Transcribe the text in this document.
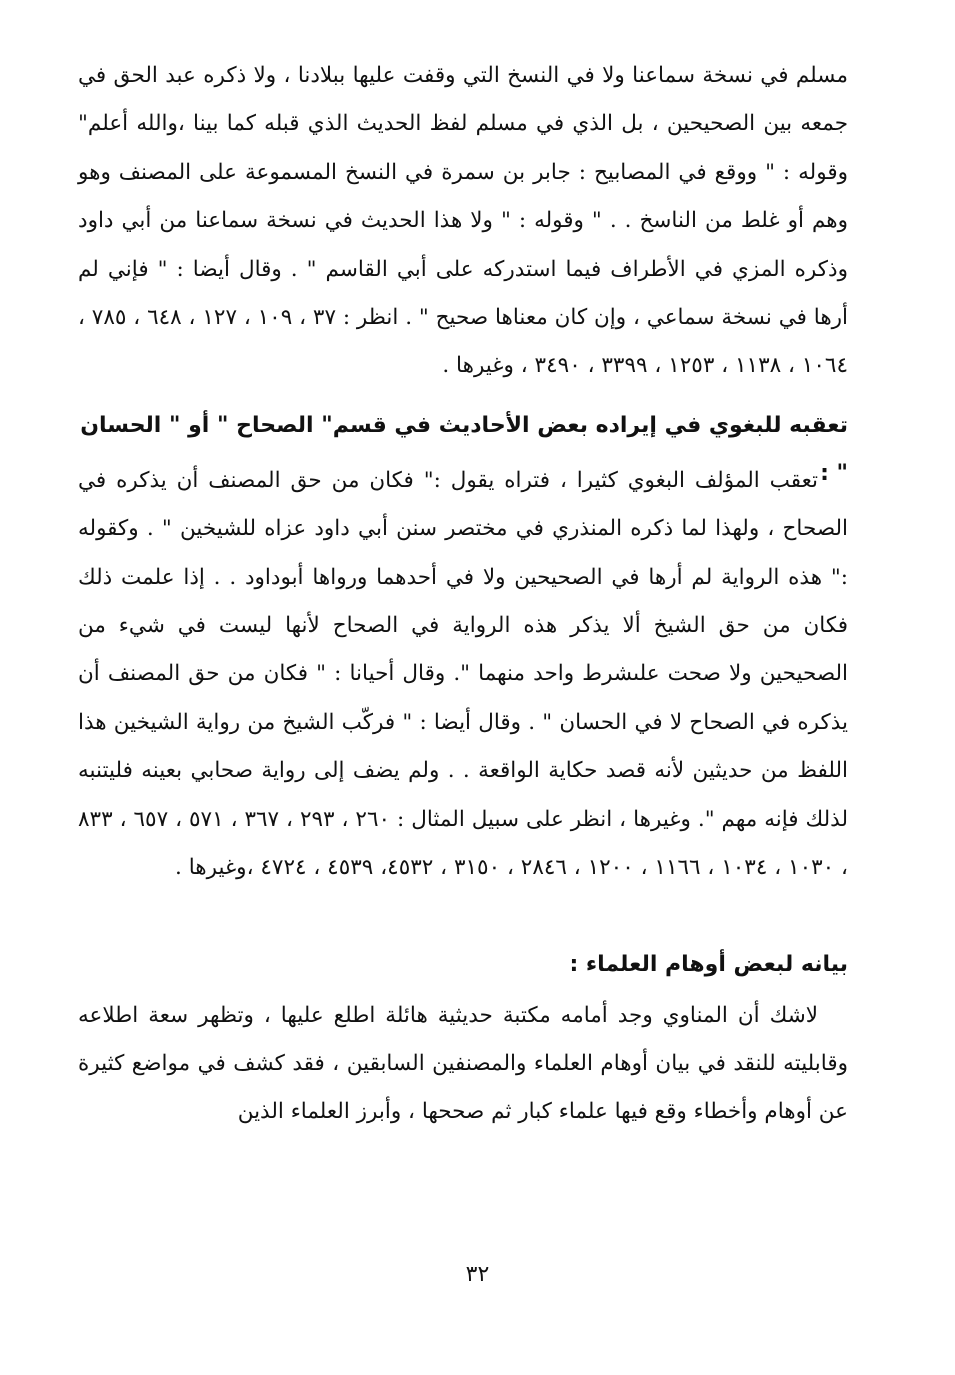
مسلم في نسخة سماعنا ولا في النسخ التي وقفت عليها ببلادنا ، ولا ذكره عبد الحق في جمعه بين الصحيحين ، بل الذي في مسلم لفظ الحديث الذي قبله كما بينا ،والله أعلم" وقوله : " ووقع في المصابيح : جابر بن سمرة في النسخ المسموعة على المصنف وهو وهم أو غلط من الناسخ . . " وقوله : " ولا هذا الحديث في نسخة سماعنا من أبي داود وذكره المزي في الأطراف فيما استدركه على أبي القاسم " . وقال أيضا : " فإني لم أرها في نسخة سماعي ، وإن كان معناها صحيح " . انظر : ٣٧ ، ١٠٩ ، ١٢٧ ، ٦٤٨ ، ٧٨٥ ، ١٠٦٤ ، ١١٣٨ ، ١٢٥٣ ، ٣٣٩٩ ، ٣٤٩٠ ، وغيرها .

تعقبه للبغوي في إيراده بعض الأحاديث في قسم" الصحاح " أو " الحسان " :

تعقب المؤلف البغوي كثيرا ، فتراه يقول :" فكان من حق المصنف أن يذكره في الصحاح ، ولهذا لما ذكره المنذري في مختصر سنن أبي داود عزاه للشيخين " . وكقوله :" هذه الرواية لم أرها في الصحيحين ولا في أحدهما ورواها أبوداود . . إذا علمت ذلك فكان من حق الشيخ ألا يذكر هذه الرواية في الصحاح لأنها ليست في شيء من الصحيحين ولا صحت علىشرط واحد منهما ". وقال أحيانا : " فكان من حق المصنف أن يذكره في الصحاح لا في الحسان " . وقال أيضا : " فركّب الشيخ من رواية الشيخين هذا اللفظ من حديثين لأنه قصد حكاية الواقعة . . ولم يضف إلى رواية صحابي بعينه فليتنبه لذلك فإنه مهم ". وغيرها ، انظر على سبيل المثال : ٢٦٠ ، ٢٩٣ ، ٣٦٧ ، ٥٧١ ، ٦٥٧ ، ٨٣٣ ، ١٠٣٠ ، ١٠٣٤ ، ١١٦٦ ، ١٢٠٠ ، ٢٨٤٦ ، ٣١٥٠ ، ٤٥٣٢، ٤٥٣٩ ، ٤٧٢٤ ،وغيرها .

بيانه لبعض أوهام العلماء :

لاشك أن المناوي وجد أمامه مكتبة حديثية هائلة اطلع عليها ، وتظهر سعة اطلاعه وقابليته للنقد في بيان أوهام العلماء والمصنفين السابقين ، فقد كشف في مواضع كثيرة عن أوهام وأخطاء وقع فيها علماء كبار ثم صححها ، وأبرز العلماء الذين

٣٢
